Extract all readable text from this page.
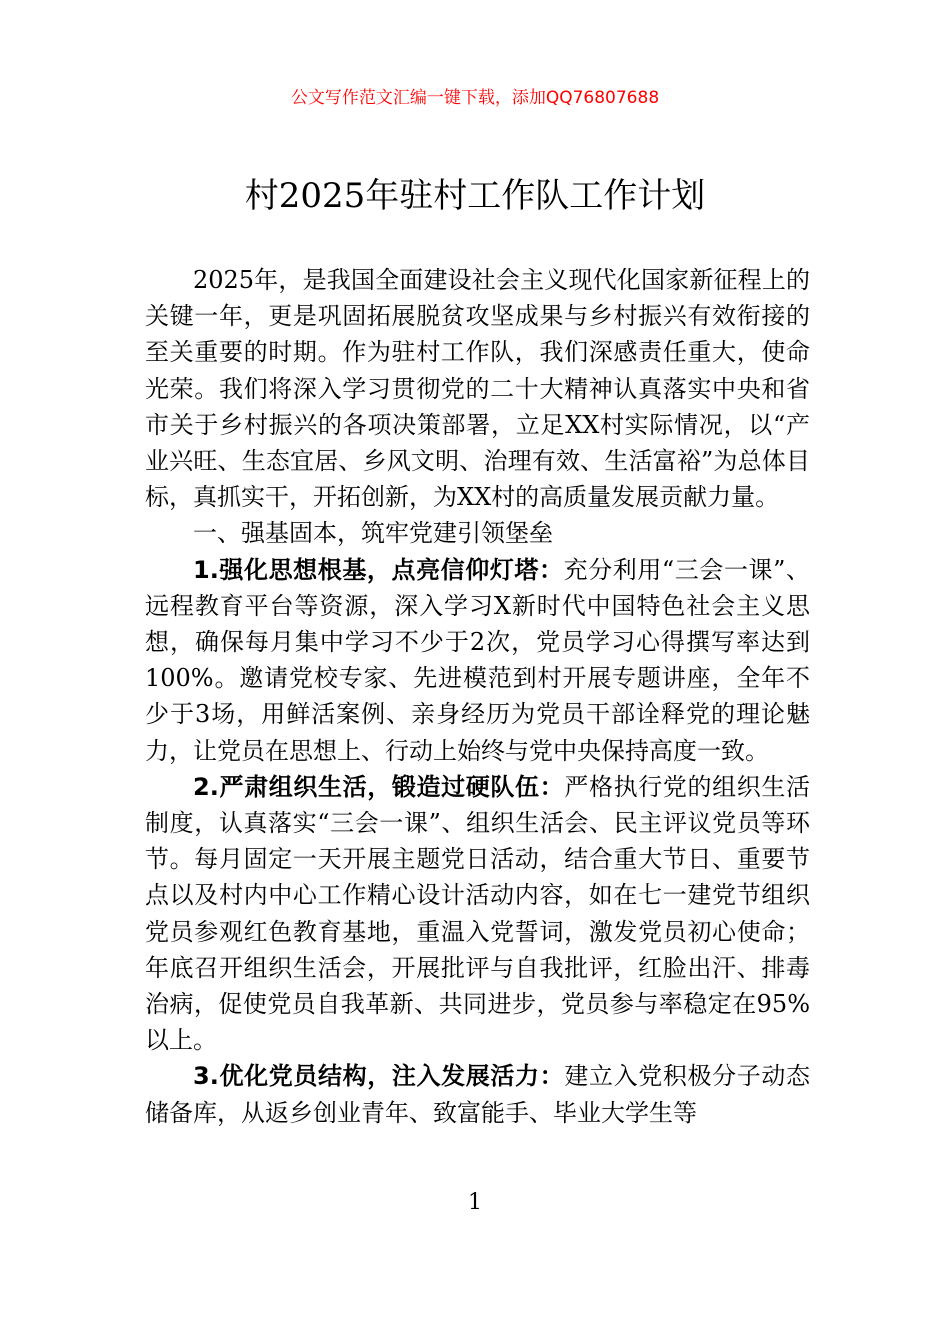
公文写作范文汇编一键下载，添加QQ76807688
村2025年驻村工作队工作计划

2025年，是我国全面建设社会主义现代化国家新征程上的关键一年，更是巩固拓展脱贫攻坚成果与乡村振兴有效衔接的至关重要的时期。作为驻村工作队，我们深感责任重大，使命光荣。我们将深入学习贯彻党的二十大精神认真落实中央和省市关于乡村振兴的各项决策部署，立足XX村实际情况，以“产业兴旺、生态宜居、乡风文明、治理有效、生活富裕”为总体目标，真抓实干，开拓创新，为XX村的高质量发展贡献力量。

一、强基固本，筑牢党建引领堡垒

1.强化思想根基，点亮信仰灯塔：充分利用“三会一课”、远程教育平台等资源，深入学习X新时代中国特色社会主义思想，确保每月集中学习不少于2次，党员学习心得撰写率达到100%。邀请党校专家、先进模范到村开展专题讲座，全年不少于3场，用鲜活案例、亲身经历为党员干部诠释党的理论魅力，让党员在思想上、行动上始终与党中央保持高度一致。

2.严肃组织生活，锻造过硬队伍：严格执行党的组织生活制度，认真落实“三会一课”、组织生活会、民主评议党员等环节。每月固定一天开展主题党日活动，结合重大节日、重要节点以及村内中心工作精心设计活动内容，如在七一建党节组织党员参观红色教育基地，重温入党誓词，激发党员初心使命；年底召开组织生活会，开展批评与自我批评，红脸出汗、排毒治病，促使党员自我革新、共同进步，党员参与率稳定在95%以上。

3.优化党员结构，注入发展活力：建立入党积极分子动态储备库，从返乡创业青年、致富能手、毕业大学生等

1
